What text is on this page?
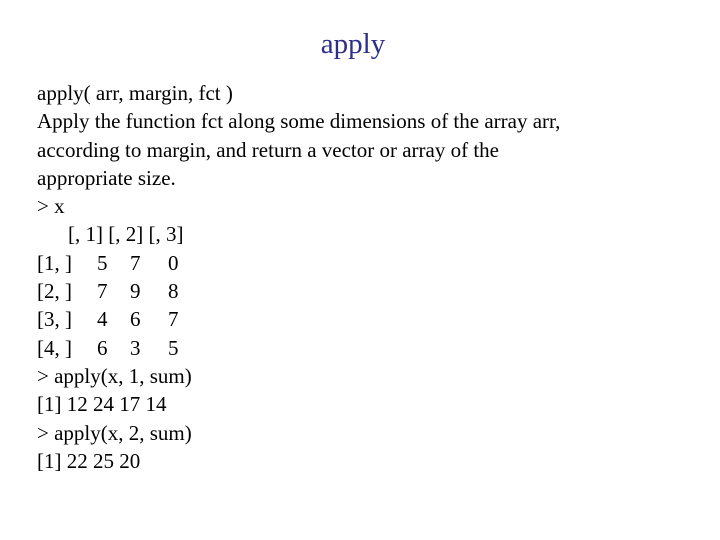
apply
apply( arr, margin, fct )
Apply the function fct along some dimensions of the array arr,
according to margin, and return a vector or array of the
appropriate size.
> x
[, 1] [, 2] [, 3]
[1, ] 5 7 0
[2, ] 7 9 8
[3, ] 4 6 7
[4, ] 6 3 5
> apply(x, 1, sum)
[1] 12 24 17 14
> apply(x, 2, sum)
[1] 22 25 20
